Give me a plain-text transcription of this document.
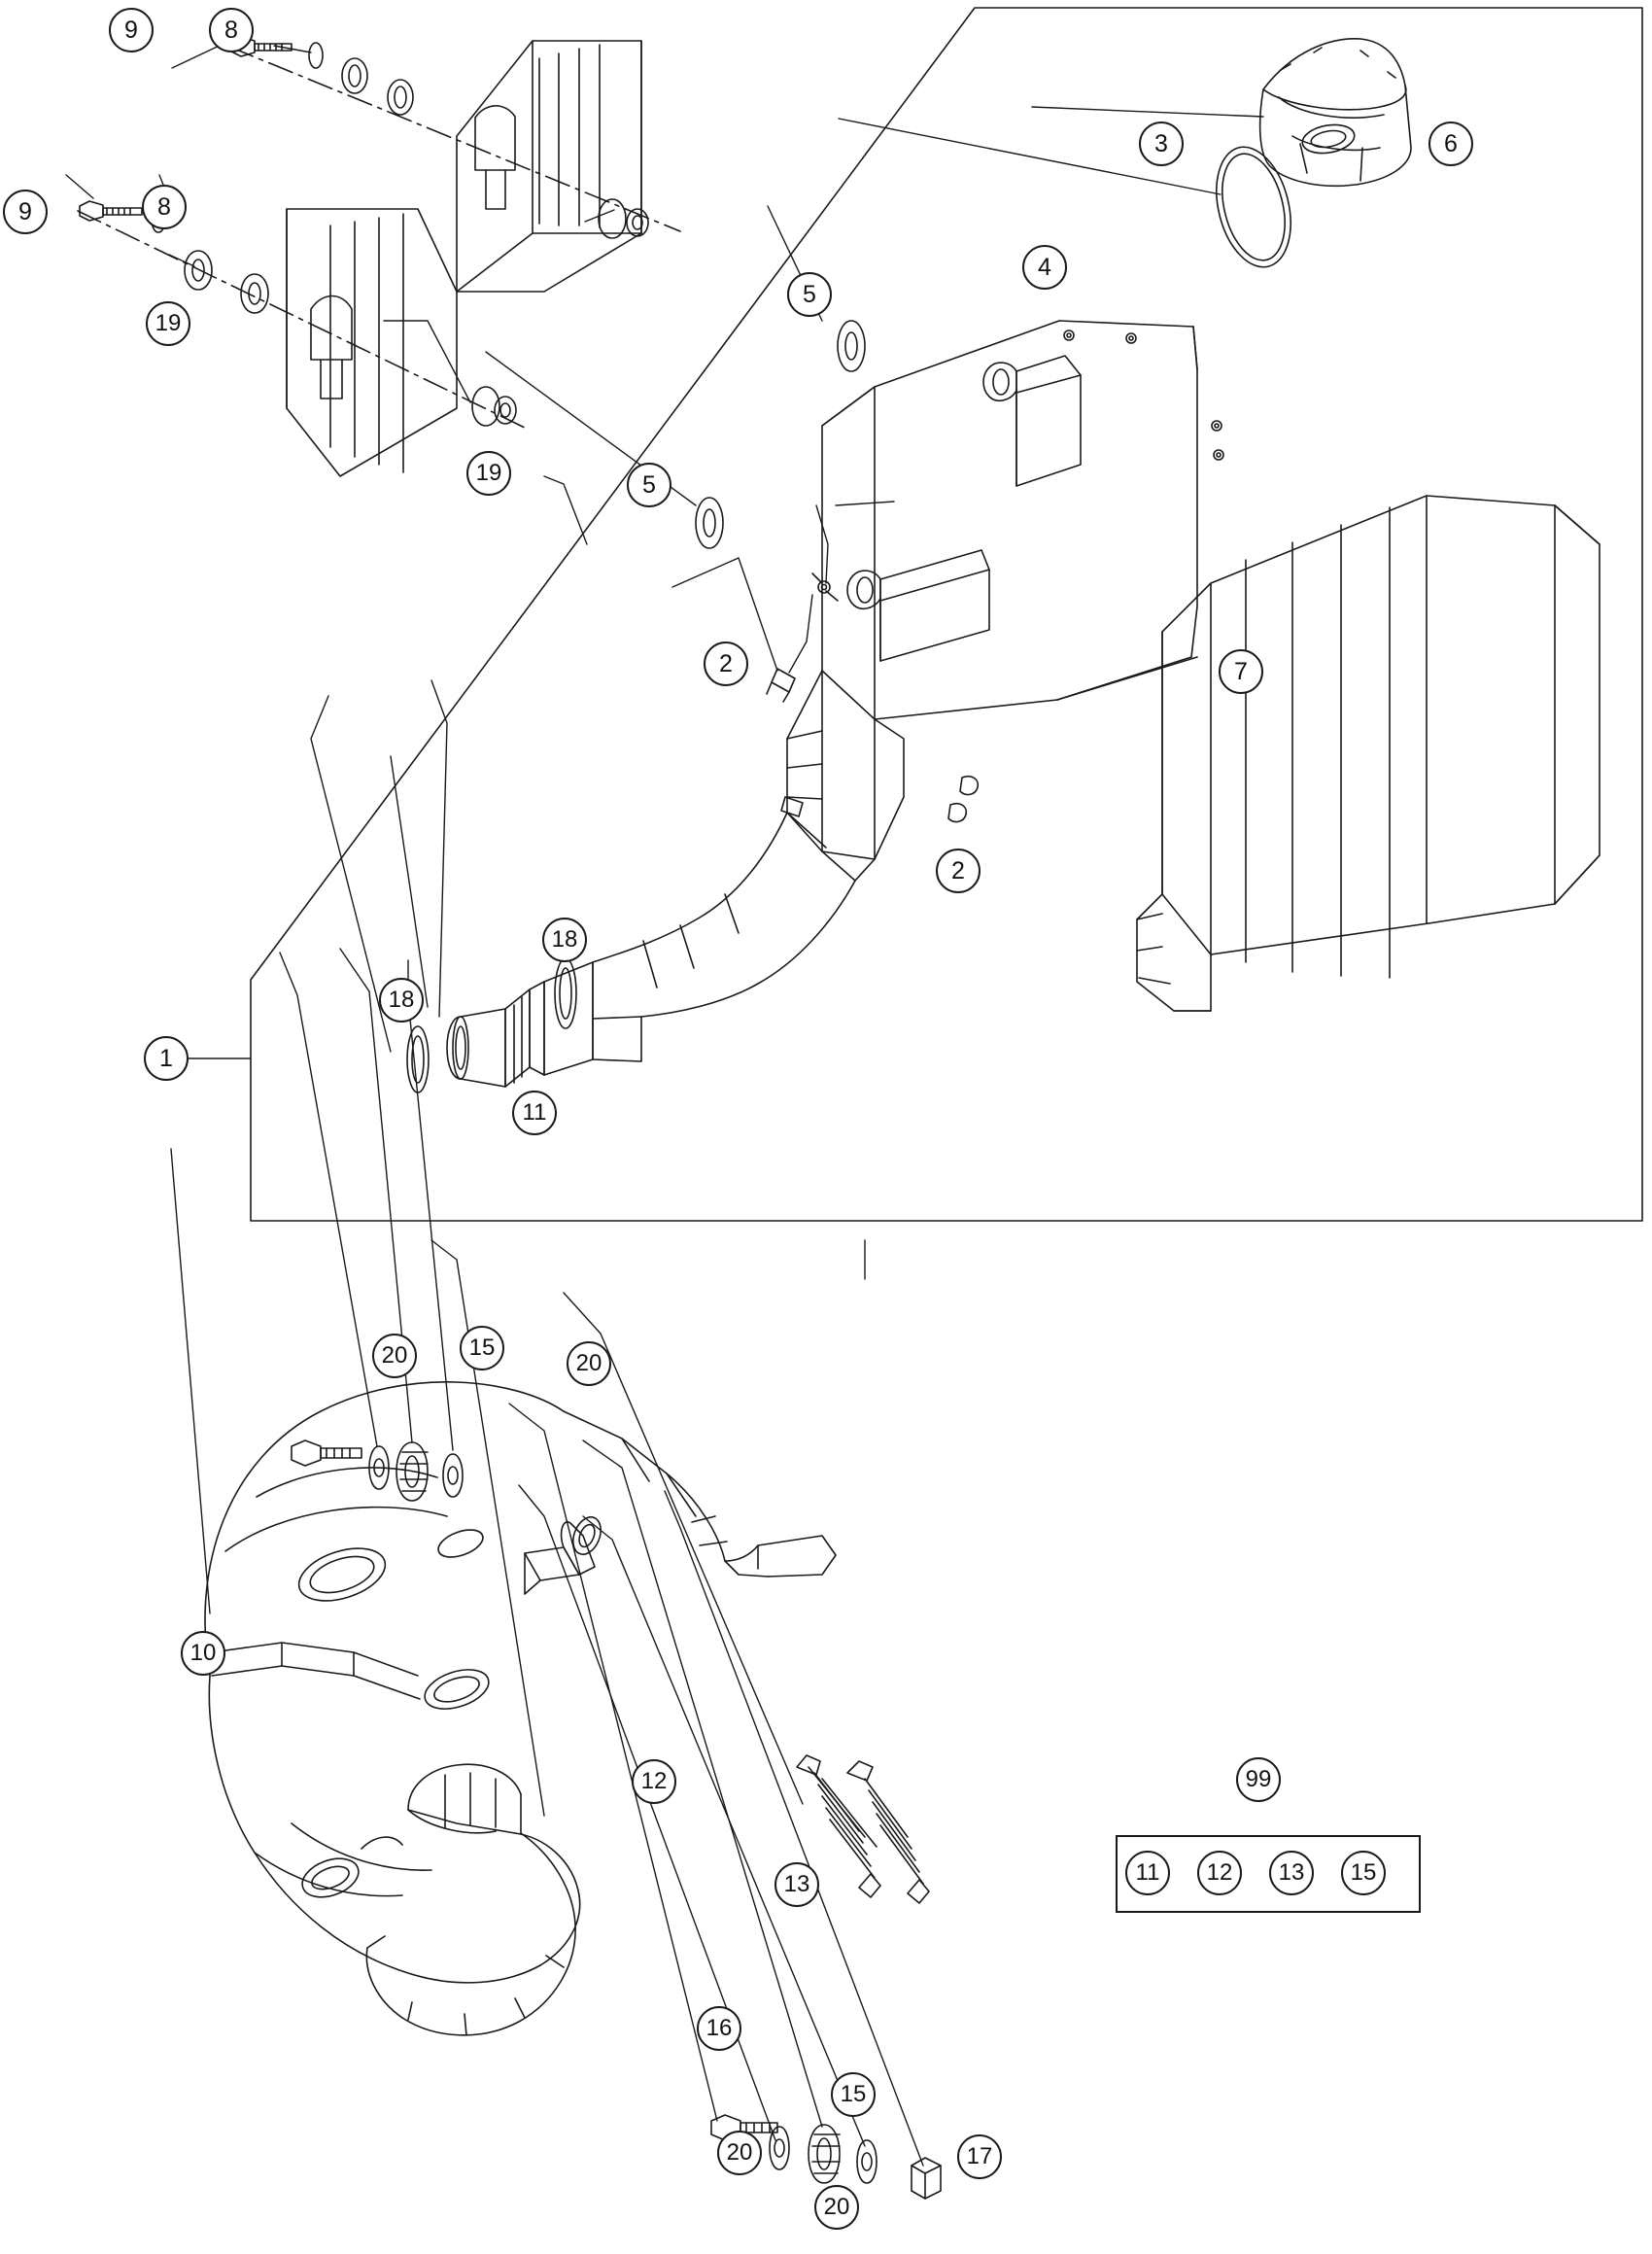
9	8
3	6
9	8
4
5
19
5
19
2	7
2
18
18
1
11
20	15
20
10
99
12
13
16
15
20
20
17
11	12	13	15
